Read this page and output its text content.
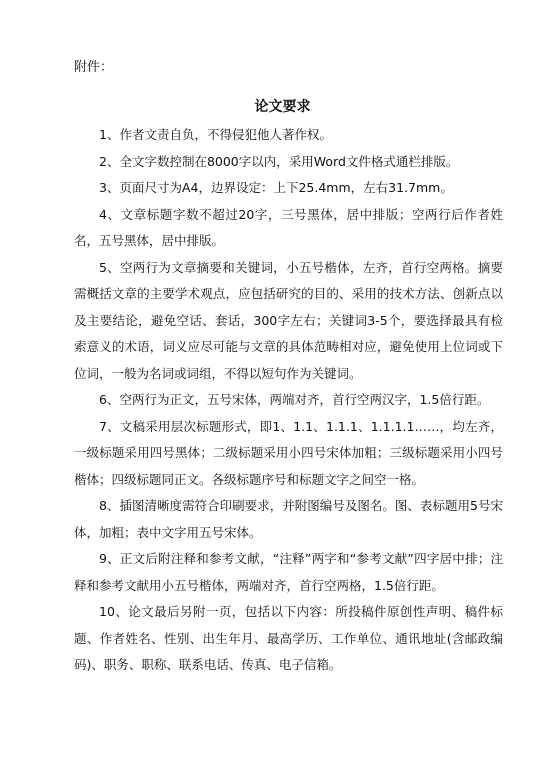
附件：

论文要求

1、作者文责自负，不得侵犯他人著作权。

2、全文字数控制在8000字以内，采用Word文件格式通栏排版。

3、页面尺寸为A4，边界设定：上下25.4mm，左右31.7mm。

4、文章标题字数不超过20字，三号黑体，居中排版；空两行后作者姓名，五号黑体，居中排版。

5、空两行为文章摘要和关键词，小五号楷体，左齐，首行空两格。摘要需概括文章的主要学术观点，应包括研究的目的、采用的技术方法、创新点以及主要结论，避免空话、套话，300字左右；关键词3-5个，要选择最具有检索意义的术语，词义应尽可能与文章的具体范畴相对应，避免使用上位词或下位词，一般为名词或词组，不得以短句作为关键词。

6、空两行为正文，五号宋体，两端对齐，首行空两汉字，1.5倍行距。

7、文稿采用层次标题形式，即1、1.1、1.1.1、1.1.1.1……，均左齐，一级标题采用四号黑体；二级标题采用小四号宋体加粗；三级标题采用小四号楷体；四级标题同正文。各级标题序号和标题文字之间空一格。

8、插图清晰度需符合印刷要求，并附图编号及图名。图、表标题用5号宋体，加粗；表中文字用五号宋体。

9、正文后附注释和参考文献，“注释”两字和“参考文献”四字居中排；注释和参考文献用小五号楷体，两端对齐，首行空两格，1.5倍行距。

10、论文最后另附一页，包括以下内容：所投稿件原创性声明、稿件标题、作者姓名、性别、出生年月、最高学历、工作单位、通讯地址(含邮政编码)、职务、职称、联系电话、传真、电子信箱。
